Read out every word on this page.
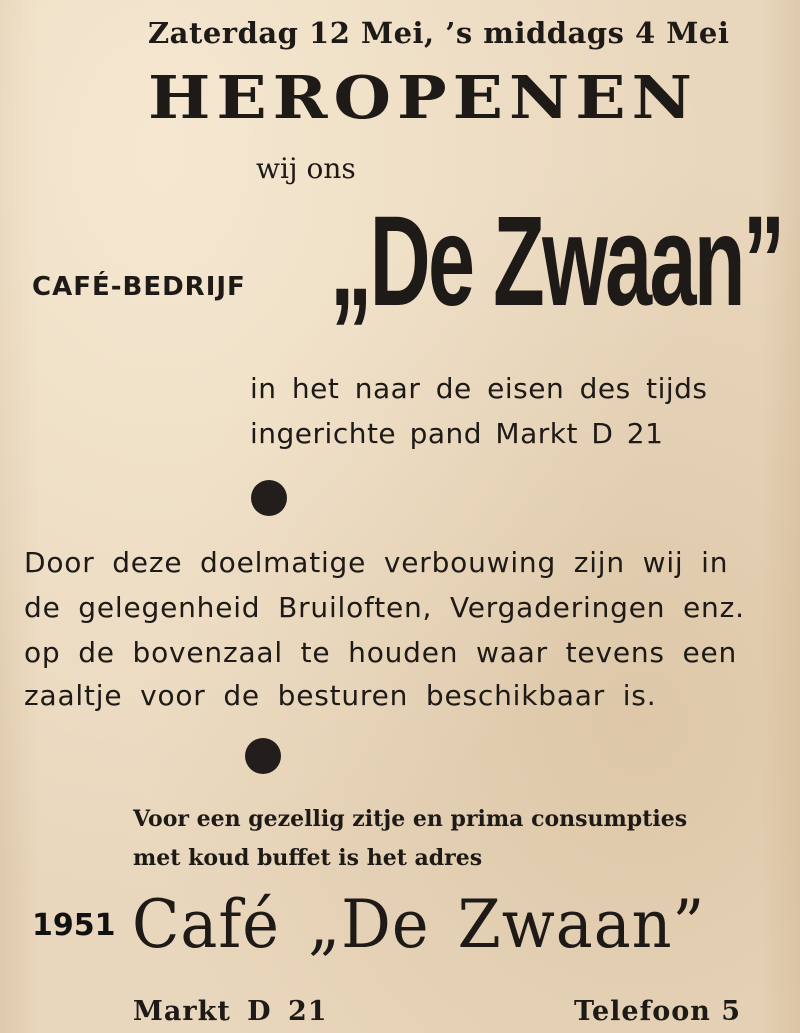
Zaterdag 12 Mei, ’s middags 4 Mei

HEROPENEN

wij ons

CAFÉ-BEDRIJF „De Zwaan”

in het naar de eisen des tijds

ingerichte pand Markt D 21

Door deze doelmatige verbouwing zijn wij in

de gelegenheid Bruiloften, Vergaderingen enz.

op de bovenzaal te houden waar tevens een

zaaltje voor de besturen beschikbaar is.

Voor een gezellig zitje en prima consumpties

met koud buffet is het adres

1951 Café „De Zwaan”

Markt D 21	Telefoon 5
